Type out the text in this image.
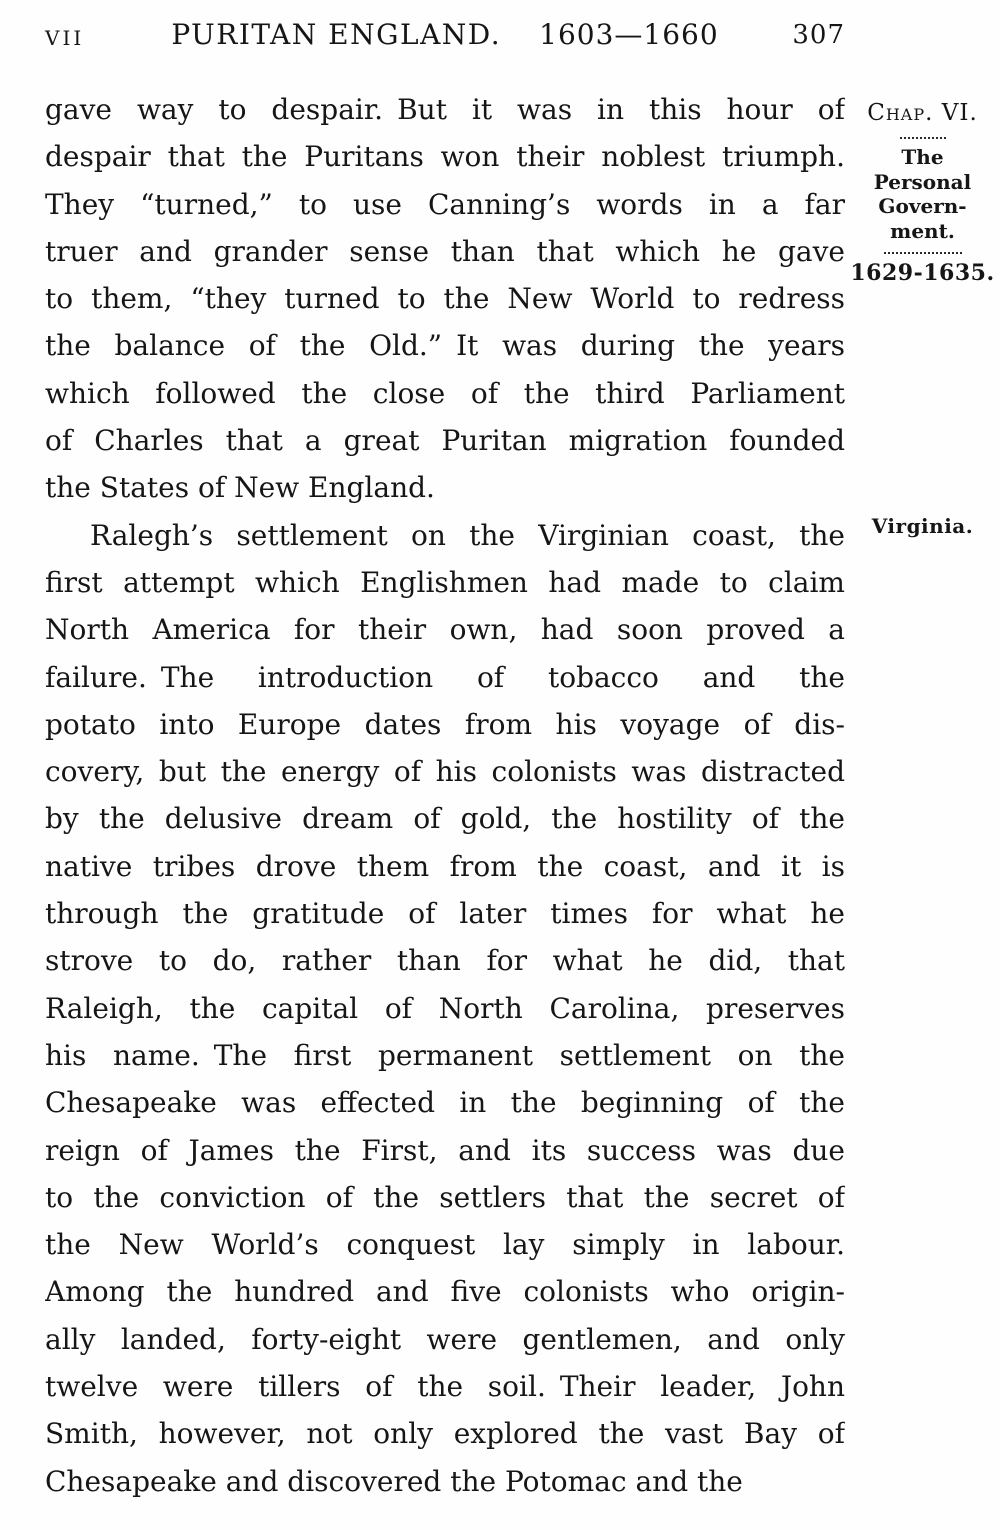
VII	PURITAN ENGLAND. 1603—1660	307
gave way to despair. But it was in this hour of
despair that the Puritans won their noblest triumph.
They “turned,” to use Canning’s words in a far
truer and grander sense than that which he gave
to them, “they turned to the New World to redress
the balance of the Old.” It was during the years
which followed the close of the third Parliament
of Charles that a great Puritan migration founded
the States of New England.
Ralegh’s settlement on the Virginian coast, the
first attempt which Englishmen had made to claim
North America for their own, had soon proved a
failure. The introduction of tobacco and the
potato into Europe dates from his voyage of dis-
covery, but the energy of his colonists was distracted
by the delusive dream of gold, the hostility of the
native tribes drove them from the coast, and it is
through the gratitude of later times for what he
strove to do, rather than for what he did, that
Raleigh, the capital of North Carolina, preserves
his name. The first permanent settlement on the
Chesapeake was effected in the beginning of the
reign of James the First, and its success was due
to the conviction of the settlers that the secret of
the New World’s conquest lay simply in labour.
Among the hundred and five colonists who origin-
ally landed, forty-eight were gentlemen, and only
twelve were tillers of the soil. Their leader, John
Smith, however, not only explored the vast Bay of
Chesapeake and discovered the Potomac and the
Chap. VI.
The
Personal
Govern-
ment.
1629-1635.
Virginia.
